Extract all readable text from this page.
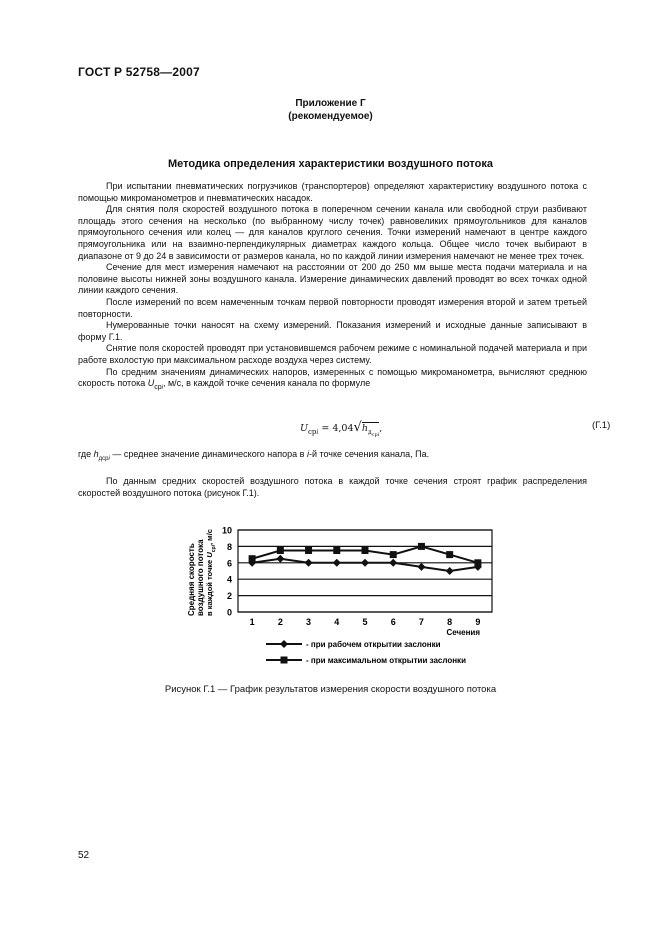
ГОСТ Р 52758—2007
Приложение Г
(рекомендуемое)
Методика определения характеристики воздушного потока

При испытании пневматических погрузчиков (транспортеров) определяют характеристику воздушного потока с помощью микроманометров и пневматических насадок.

Для снятия поля скоростей воздушного потока в поперечном сечении канала или свободной струи разбивают площадь этого сечения на несколько (по выбранному числу точек) равновеликих прямоугольников для каналов прямоугольного сечения или колец — для каналов круглого сечения. Точки измерений намечают в центре каждого прямоугольника или на взаимно-перпендикулярных диаметрах каждого кольца. Общее число точек выбирают в диапазоне от 9 до 24 в зависимости от размеров канала, но по каждой линии измерения намечают не менее трех точек.

Сечение для мест измерения намечают на расстоянии от 200 до 250 мм выше места подачи материала и на половине высоты нижней зоны воздушного канала. Измерение динамических давлений проводят во всех точках одной линии каждого сечения.

После измерений по всем намеченным точкам первой повторности проводят измерения второй и затем третьей повторности.

Нумерованные точки наносят на схему измерений. Показания измерений и исходные данные записывают в форму Г.1.

Снятие поля скоростей проводят при установившемся рабочем режиме с номинальной подачей материала и при работе вхолостую при максимальном расходе воздуха через систему.

По средним значениям динамических напоров, измеренных с помощью микроманометра, вычисляют среднюю скорость потока $U_{срi}$, м/с, в каждой точке сечения канала по формуле

$U_{срi} = 4,04√h_{д_{срi}}$,	(Г.1)
где $h_{дсрi}$ — среднее значение динамического напора в i-й точке сечения канала, Па.

По данным средних скоростей воздушного потока в каждой точке сечения строят график распределения скоростей воздушного потока (рисунок Г.1).

Средняя скорость воздушного потока в каждой точке $U_{срi}$, м/с
0
2
4
6
8
10
1	2	3	4	5	6	7	8	9
Сечения
- при рабочем открытии заслонки
- при максимальном открытии заслонки
Рисунок Г.1 — График результатов измерения скорости воздушного потока
52
